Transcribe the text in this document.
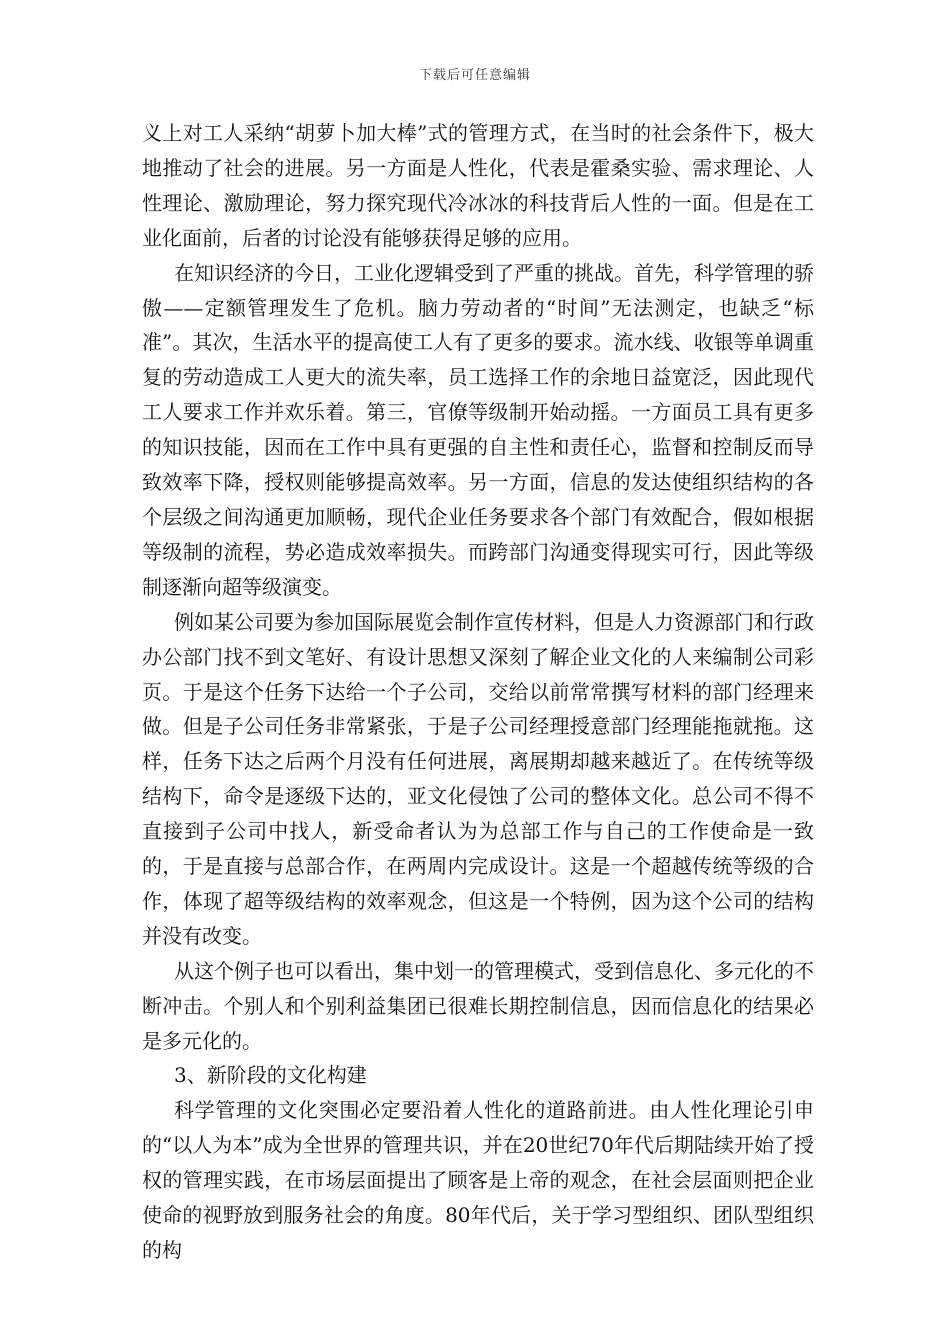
下载后可任意编辑

义上对工人采纳“胡萝卜加大棒”式的管理方式，在当时的社会条件下，极大地推动了社会的进展。另一方面是人性化，代表是霍桑实验、需求理论、人性理论、激励理论，努力探究现代冷冰冰的科技背后人性的一面。但是在工业化面前，后者的讨论没有能够获得足够的应用。

在知识经济的今日，工业化逻辑受到了严重的挑战。首先，科学管理的骄傲——定额管理发生了危机。脑力劳动者的“时间”无法测定，也缺乏“标准”。其次，生活水平的提高使工人有了更多的要求。流水线、收银等单调重复的劳动造成工人更大的流失率，员工选择工作的余地日益宽泛，因此现代工人要求工作并欢乐着。第三，官僚等级制开始动摇。一方面员工具有更多的知识技能，因而在工作中具有更强的自主性和责任心，监督和控制反而导致效率下降，授权则能够提高效率。另一方面，信息的发达使组织结构的各个层级之间沟通更加顺畅，现代企业任务要求各个部门有效配合，假如根据等级制的流程，势必造成效率损失。而跨部门沟通变得现实可行，因此等级制逐渐向超等级演变。

例如某公司要为参加国际展览会制作宣传材料，但是人力资源部门和行政办公部门找不到文笔好、有设计思想又深刻了解企业文化的人来编制公司彩页。于是这个任务下达给一个子公司，交给以前常常撰写材料的部门经理来做。但是子公司任务非常紧张，于是子公司经理授意部门经理能拖就拖。这样，任务下达之后两个月没有任何进展，离展期却越来越近了。在传统等级结构下，命令是逐级下达的，亚文化侵蚀了公司的整体文化。总公司不得不直接到子公司中找人，新受命者认为为总部工作与自己的工作使命是一致的，于是直接与总部合作，在两周内完成设计。这是一个超越传统等级的合作，体现了超等级结构的效率观念，但这是一个特例，因为这个公司的结构并没有改变。

从这个例子也可以看出，集中划一的管理模式，受到信息化、多元化的不断冲击。个别人和个别利益集团已很难长期控制信息，因而信息化的结果必是多元化的。

3、新阶段的文化构建

科学管理的文化突围必定要沿着人性化的道路前进。由人性化理论引申的“以人为本”成为全世界的管理共识，并在20世纪70年代后期陆续开始了授权的管理实践，在市场层面提出了顾客是上帝的观念，在社会层面则把企业使命的视野放到服务社会的角度。80年代后，关于学习型组织、团队型组织的构
